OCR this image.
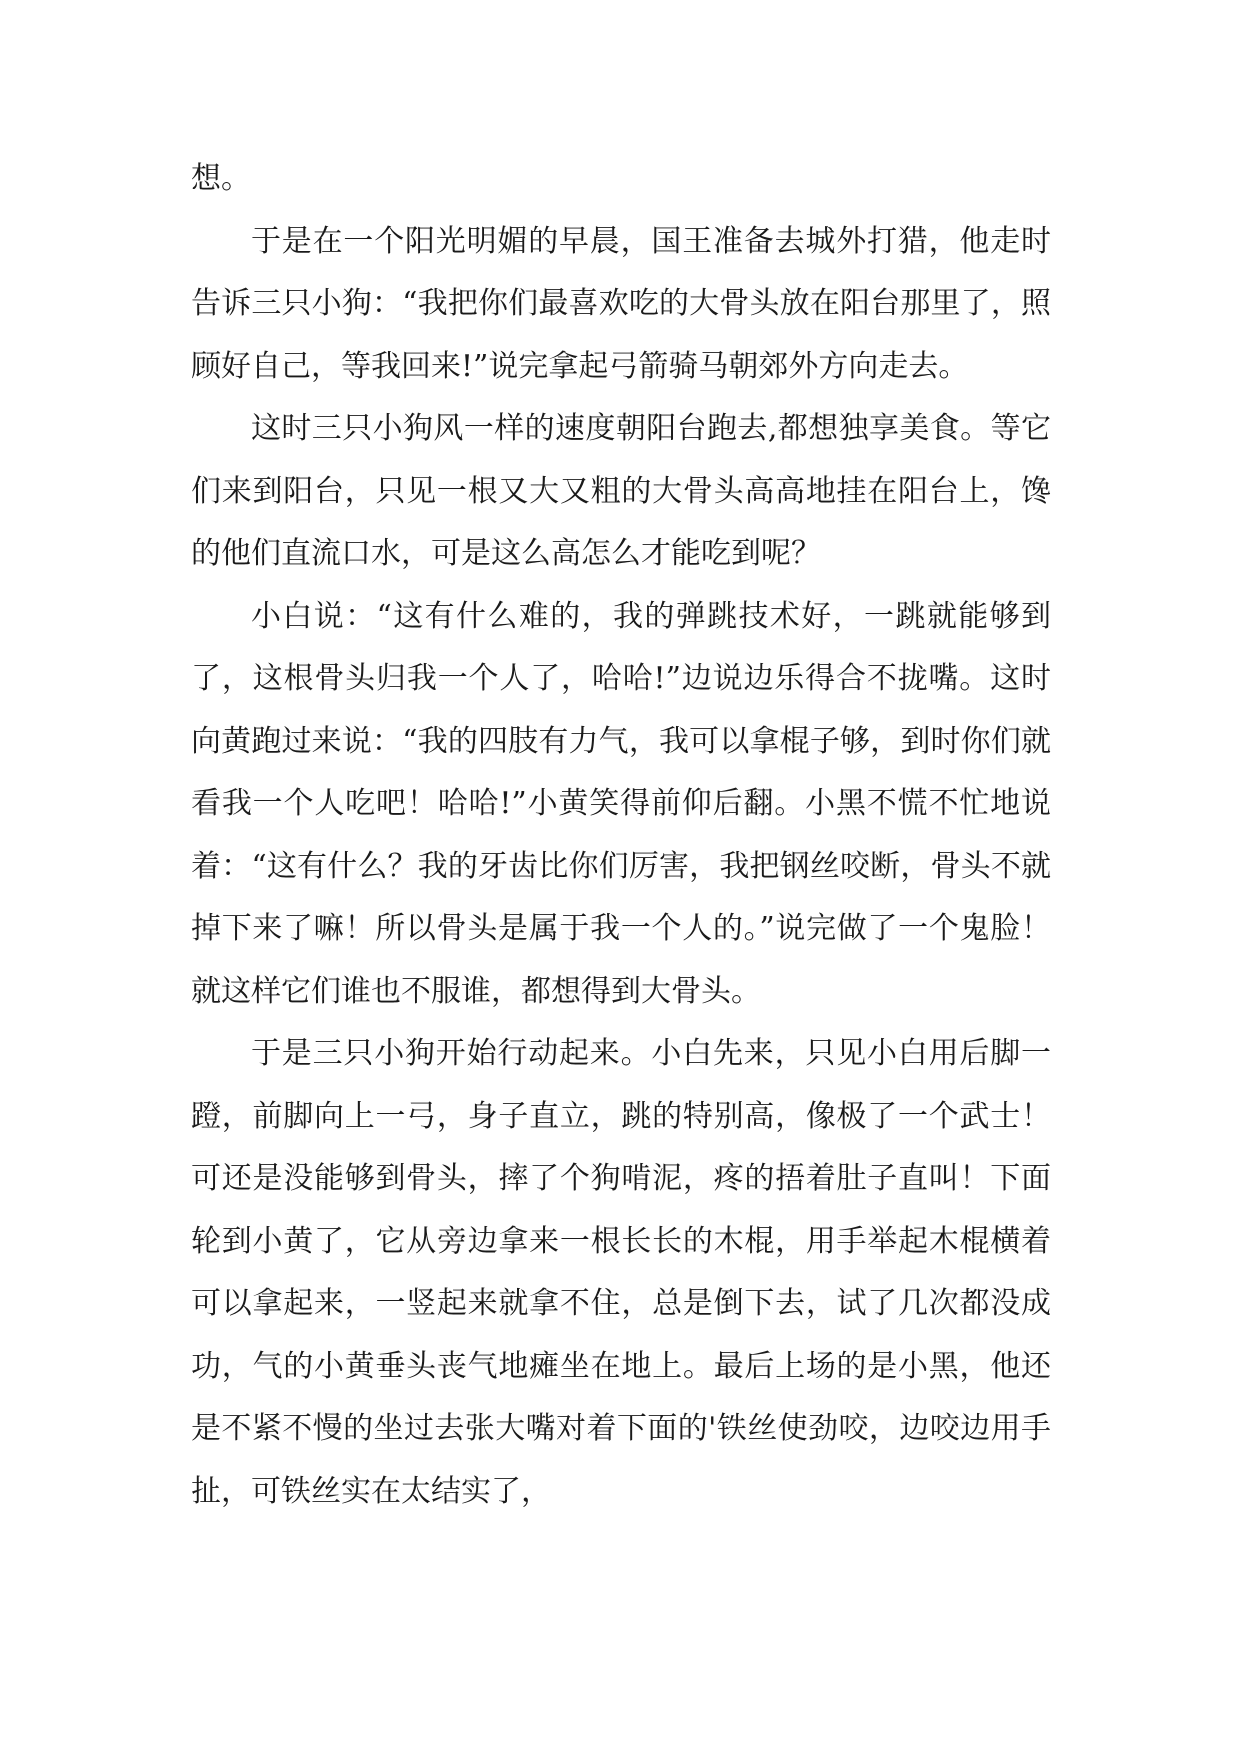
想。

于是在一个阳光明媚的早晨，国王准备去城外打猎，他走时告诉三只小狗：“我把你们最喜欢吃的大骨头放在阳台那里了，照顾好自己，等我回来!”说完拿起弓箭骑马朝郊外方向走去。

这时三只小狗风一样的速度朝阳台跑去,都想独享美食。等它们来到阳台，只见一根又大又粗的大骨头高高地挂在阳台上，馋的他们直流口水，可是这么高怎么才能吃到呢？

小白说：“这有什么难的，我的弹跳技术好，一跳就能够到了，这根骨头归我一个人了，哈哈!”边说边乐得合不拢嘴。这时向黄跑过来说：“我的四肢有力气，我可以拿棍子够，到时你们就看我一个人吃吧！哈哈!”小黄笑得前仰后翻。小黑不慌不忙地说着：“这有什么？我的牙齿比你们厉害，我把钢丝咬断，骨头不就掉下来了嘛！所以骨头是属于我一个人的。”说完做了一个鬼脸！就这样它们谁也不服谁，都想得到大骨头。

于是三只小狗开始行动起来。小白先来，只见小白用后脚一蹬，前脚向上一弓，身子直立，跳的特别高，像极了一个武士！可还是没能够到骨头，摔了个狗啃泥，疼的捂着肚子直叫！下面轮到小黄了，它从旁边拿来一根长长的木棍，用手举起木棍横着可以拿起来，一竖起来就拿不住，总是倒下去，试了几次都没成功，气的小黄垂头丧气地瘫坐在地上。最后上场的是小黑，他还是不紧不慢的坐过去张大嘴对着下面的'铁丝使劲咬，边咬边用手扯，可铁丝实在太结实了，
